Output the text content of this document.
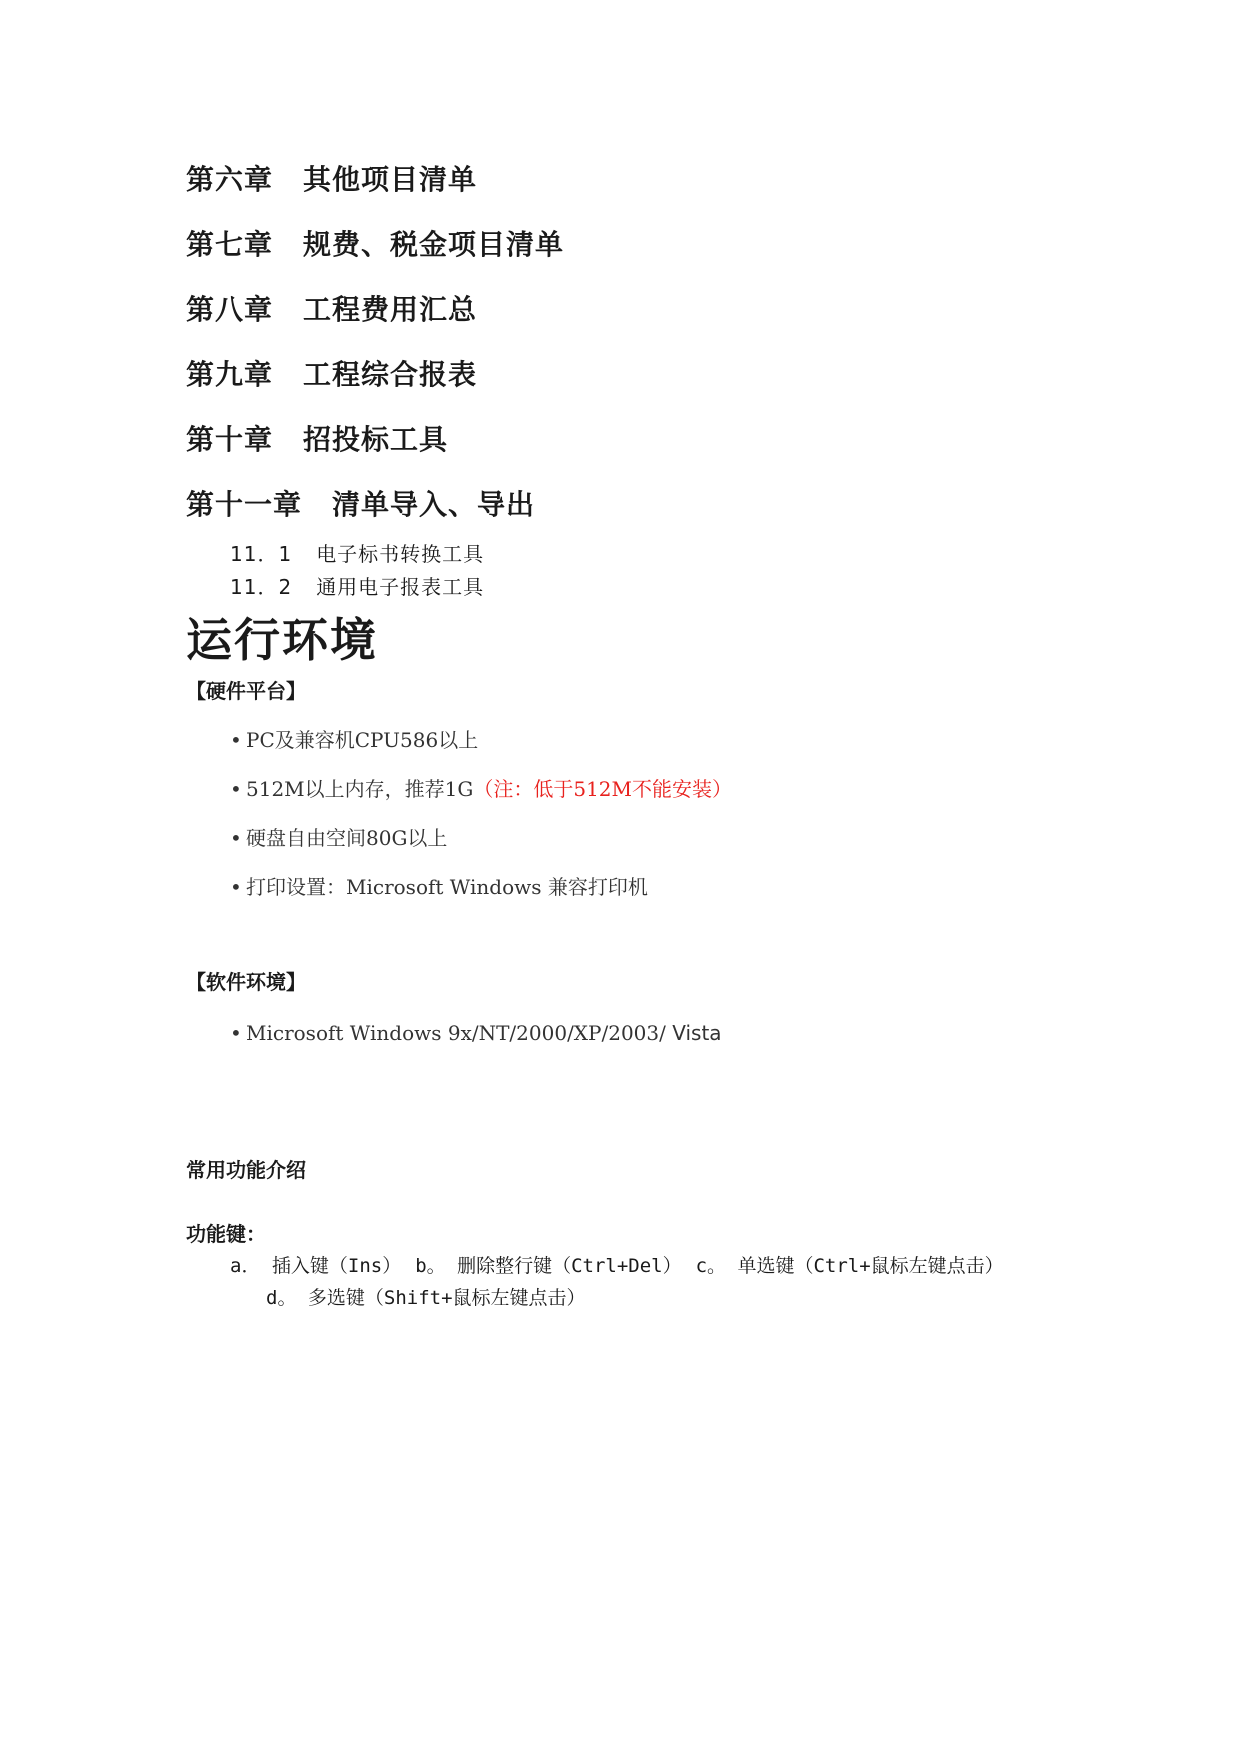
第六章 其他项目清单
第七章 规费、税金项目清单
第八章 工程费用汇总
第九章 工程综合报表
第十章 招投标工具
第十一章 清单导入、导出
11．1 电子标书转换工具
11．2 通用电子报表工具
运行环境
【硬件平台】
• PC及兼容机CPU586以上
• 512M以上内存，推荐1G（注：低于512M不能安装）
• 硬盘自由空间80G以上
• 打印设置：Microsoft Windows 兼容打印机
【软件环境】
• Microsoft Windows 9x/NT/2000/XP/2003/ Vista
常用功能介绍
功能键：
a． 插入键（Ins） b。 删除整行键（Ctrl+Del） c。 单选键（Ctrl+鼠标左键点击）
d。 多选键（Shift+鼠标左键点击）
